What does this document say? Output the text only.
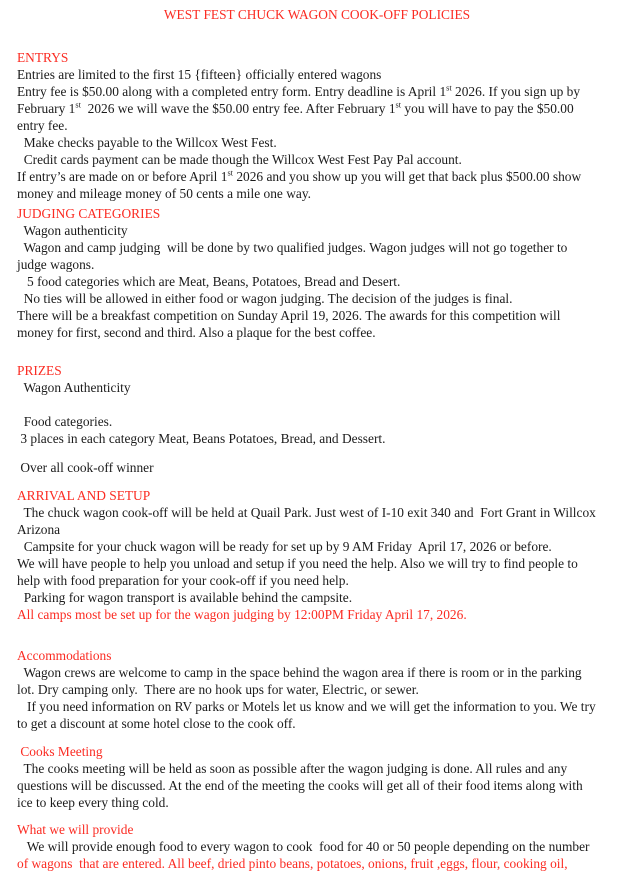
WEST FEST CHUCK WAGON COOK-OFF POLICIES
ENTRYS
Entries are limited to the first 15 {fifteen} officially entered wagons
Entry fee is $50.00 along with a completed entry form. Entry deadline is April 1st 2026. If you sign up by
February 1st  2026 we will wave the $50.00 entry fee. After February 1st you will have to pay the $50.00
entry fee.
Make checks payable to the Willcox West Fest.
Credit cards payment can be made though the Willcox West Fest Pay Pal account.
If entry’s are made on or before April 1st 2026 and you show up you will get that back plus $500.00 show
money and mileage money of 50 cents a mile one way.
JUDGING CATEGORIES
Wagon authenticity
Wagon and camp judging  will be done by two qualified judges. Wagon judges will not go together to
judge wagons.
5 food categories which are Meat, Beans, Potatoes, Bread and Desert.
No ties will be allowed in either food or wagon judging. The decision of the judges is final.
There will be a breakfast competition on Sunday April 19, 2026. The awards for this competition will
money for first, second and third. Also a plaque for the best coffee.
PRIZES
Wagon Authenticity
Food categories.
3 places in each category Meat, Beans Potatoes, Bread, and Dessert.
Over all cook-off winner
ARRIVAL AND SETUP
The chuck wagon cook-off will be held at Quail Park. Just west of I-10 exit 340 and  Fort Grant in Willcox
Arizona
Campsite for your chuck wagon will be ready for set up by 9 AM Friday  April 17, 2026 or before.
We will have people to help you unload and setup if you need the help. Also we will try to find people to
help with food preparation for your cook-off if you need help.
Parking for wagon transport is available behind the campsite.
All camps most be set up for the wagon judging by 12:00PM Friday April 17, 2026.
Accommodations
Wagon crews are welcome to camp in the space behind the wagon area if there is room or in the parking
lot. Dry camping only.  There are no hook ups for water, Electric, or sewer.
If you need information on RV parks or Motels let us know and we will get the information to you. We try
to get a discount at some hotel close to the cook off.
Cooks Meeting
The cooks meeting will be held as soon as possible after the wagon judging is done. All rules and any
questions will be discussed. At the end of the meeting the cooks will get all of their food items along with
ice to keep every thing cold.
What we will provide
We will provide enough food to every wagon to cook  food for 40 or 50 people depending on the number
of wagons  that are entered. All beef, dried pinto beans, potatoes, onions, fruit ,eggs, flour, cooking oil,
